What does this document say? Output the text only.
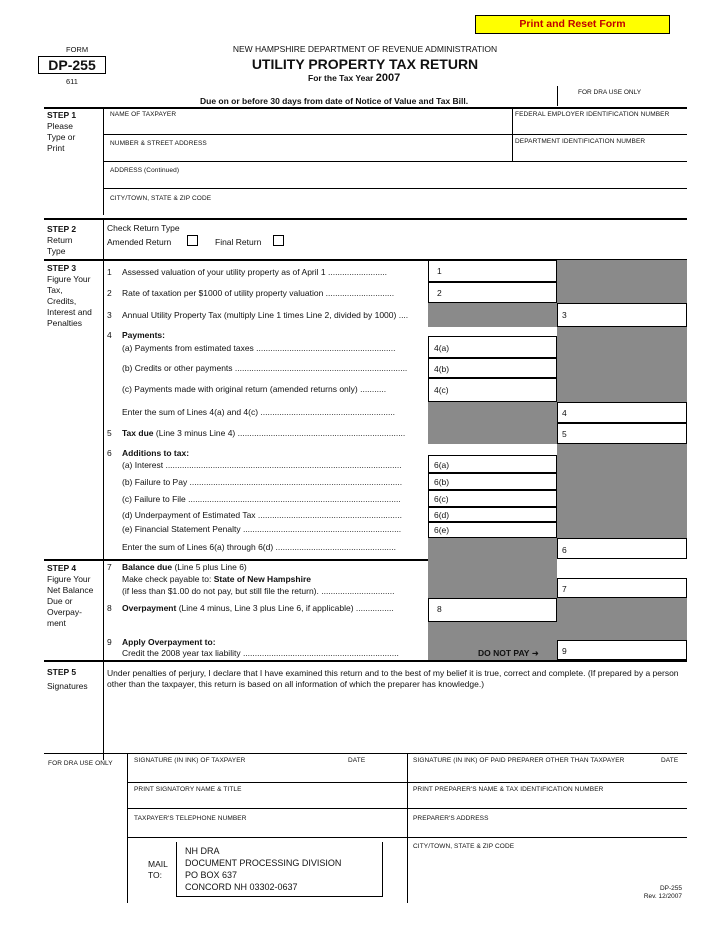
Print and Reset Form
FORM
DP-255
611
NEW HAMPSHIRE DEPARTMENT OF REVENUE ADMINISTRATION
UTILITY PROPERTY TAX RETURN
For the Tax Year 2007
FOR DRA USE ONLY
Due on or before 30 days from date of Notice of Value and Tax Bill.
STEP 1
Please
Type or
Print
NAME OF TAXPAYER	FEDERAL EMPLOYER IDENTIFICATION NUMBER
NUMBER & STREET ADDRESS	DEPARTMENT IDENTIFICATION NUMBER
ADDRESS (Continued)
CITY/TOWN, STATE & ZIP CODE
STEP 2
Return
Type
Check Return Type
Amended Return	Final Return
STEP 3
Figure Your
Tax,
Credits,
Interest and
Penalties
1 Assessed valuation of your utility property as of April 1 .........................	1
2 Rate of taxation per $1000 of utility property valuation .............................	2
3 Annual Utility Property Tax (multiply Line 1 times Line 2, divided by 1000) ....	3
4 Payments:
(a) Payments from estimated taxes ...........................................................	4(a)
(b) Credits or other payments .........................................................................	4(b)
(c) Payments made with original return (amended returns only) ...........	4(c)
Enter the sum of Lines 4(a) and 4(c) .........................................................	4
5 Tax due (Line 3 minus Line 4) .......................................................................	5
6 Additions to tax:
(a) Interest ....................................................................................................	6(a)
(b) Failure to Pay ..........................................................................................	6(b)
(c) Failure to File ..........................................................................................	6(c)
(d) Underpayment of Estimated Tax .............................................................	6(d)
(e) Financial Statement Penalty ...................................................................	6(e)
Enter the sum of Lines 6(a) through 6(d) ...................................................	6
STEP 4
Figure Your
Net Balance
Due or
Overpay-
ment
7 Balance due (Line 5 plus Line 6)
Make check payable to: State of New Hampshire
(if less than $1.00 do not pay, but still file the return). ...............................	7
8 Overpayment (Line 4 minus, Line 3 plus Line 6, if applicable) ................	8
9 Apply Overpayment to:
Credit the 2008 year tax liability ..................................................................	DO NOT PAY ➜	9
STEP 5
Signatures
Under penalties of perjury, I declare that I have examined this return and to the best of my belief it is true, correct and complete. (If prepared by a person other than the taxpayer, this return is based on all information of which the preparer has knowledge.)
FOR DRA USE ONLY	SIGNATURE (IN INK) OF TAXPAYER	DATE	SIGNATURE (IN INK) OF PAID PREPARER OTHER THAN TAXPAYER	DATE
PRINT SIGNATORY NAME & TITLE	PRINT PREPARER'S NAME & TAX IDENTIFICATION NUMBER
TAXPAYER'S TELEPHONE NUMBER	PREPARER'S ADDRESS
CITY/TOWN, STATE & ZIP CODE
MAIL
TO:
NH DRA
DOCUMENT PROCESSING DIVISION
PO BOX 637
CONCORD NH 03302-0637	DP-255
Rev. 12/2007
